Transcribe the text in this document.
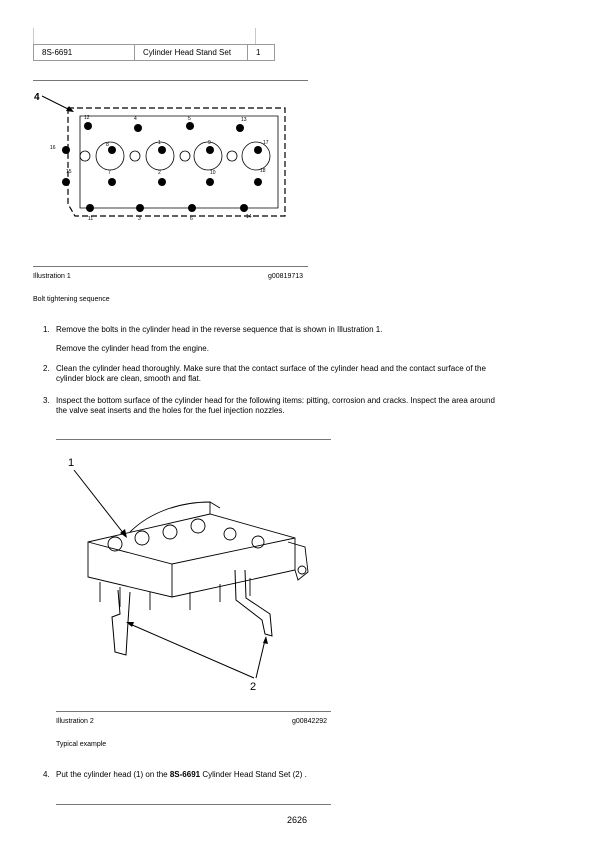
8S-6691	Cylinder Head Stand Set	1
4
12	4	5	13
16	8	1	9	17
15	7	2	10	18
11	3	6	14
Illustration 1	g00819713
Bolt tightening sequence
1. Remove the bolts in the cylinder head in the reverse sequence that is shown in Illustration 1.
Remove the cylinder head from the engine.
2. Clean the cylinder head thoroughly. Make sure that the contact surface of the cylinder head and the contact surface of the
cylinder block are clean, smooth and flat.
3. Inspect the bottom surface of the cylinder head for the following items: pitting, corrosion and cracks. Inspect the area around
the valve seat inserts and the holes for the fuel injection nozzles.
1
2
Illustration 2	g00842292
Typical example
4. Put the cylinder head (1) on the 8S-6691 Cylinder Head Stand Set (2) .
2626
